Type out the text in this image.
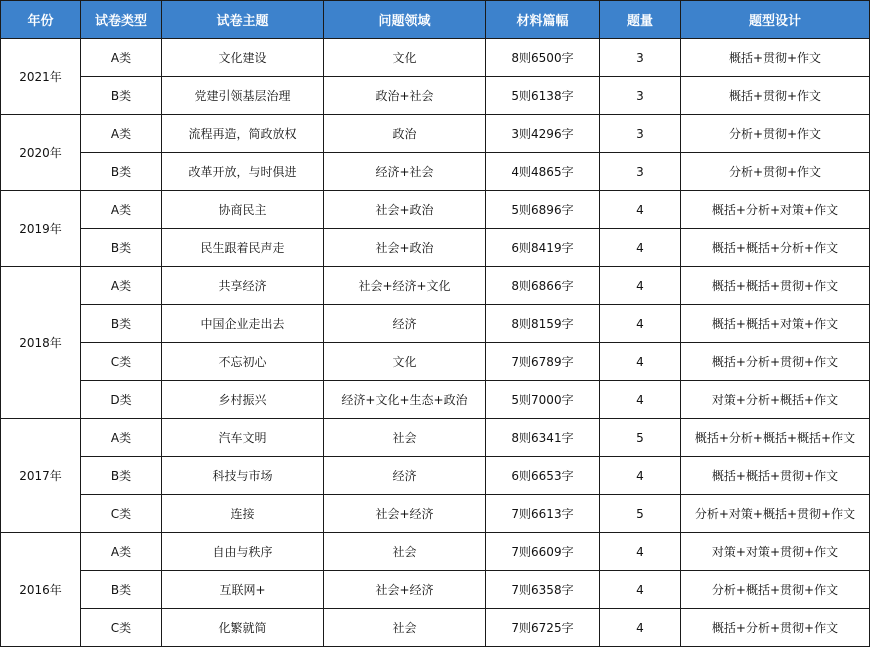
年份	试卷类型	试卷主题	问题领域	材料篇幅	题量	题型设计
2021年	A类	文化建设	文化	8则6500字	3	概括+贯彻+作文
	B类	党建引领基层治理	政治+社会	5则6138字	3	概括+贯彻+作文
2020年	A类	流程再造，简政放权	政治	3则4296字	3	分析+贯彻+作文
	B类	改革开放，与时俱进	经济+社会	4则4865字	3	分析+贯彻+作文
2019年	A类	协商民主	社会+政治	5则6896字	4	概括+分析+对策+作文
	B类	民生跟着民声走	社会+政治	6则8419字	4	概括+概括+分析+作文
2018年	A类	共享经济	社会+经济+文化	8则6866字	4	概括+概括+贯彻+作文
	B类	中国企业走出去	经济	8则8159字	4	概括+概括+对策+作文
	C类	不忘初心	文化	7则6789字	4	概括+分析+贯彻+作文
	D类	乡村振兴	经济+文化+生态+政治	5则7000字	4	对策+分析+概括+作文
2017年	A类	汽车文明	社会	8则6341字	5	概括+分析+概括+概括+作文
	B类	科技与市场	经济	6则6653字	4	概括+概括+贯彻+作文
	C类	连接	社会+经济	7则6613字	5	分析+对策+概括+贯彻+作文
2016年	A类	自由与秩序	社会	7则6609字	4	对策+对策+贯彻+作文
	B类	互联网+	社会+经济	7则6358字	4	分析+概括+贯彻+作文
	C类	化繁就简	社会	7则6725字	4	概括+分析+贯彻+作文
